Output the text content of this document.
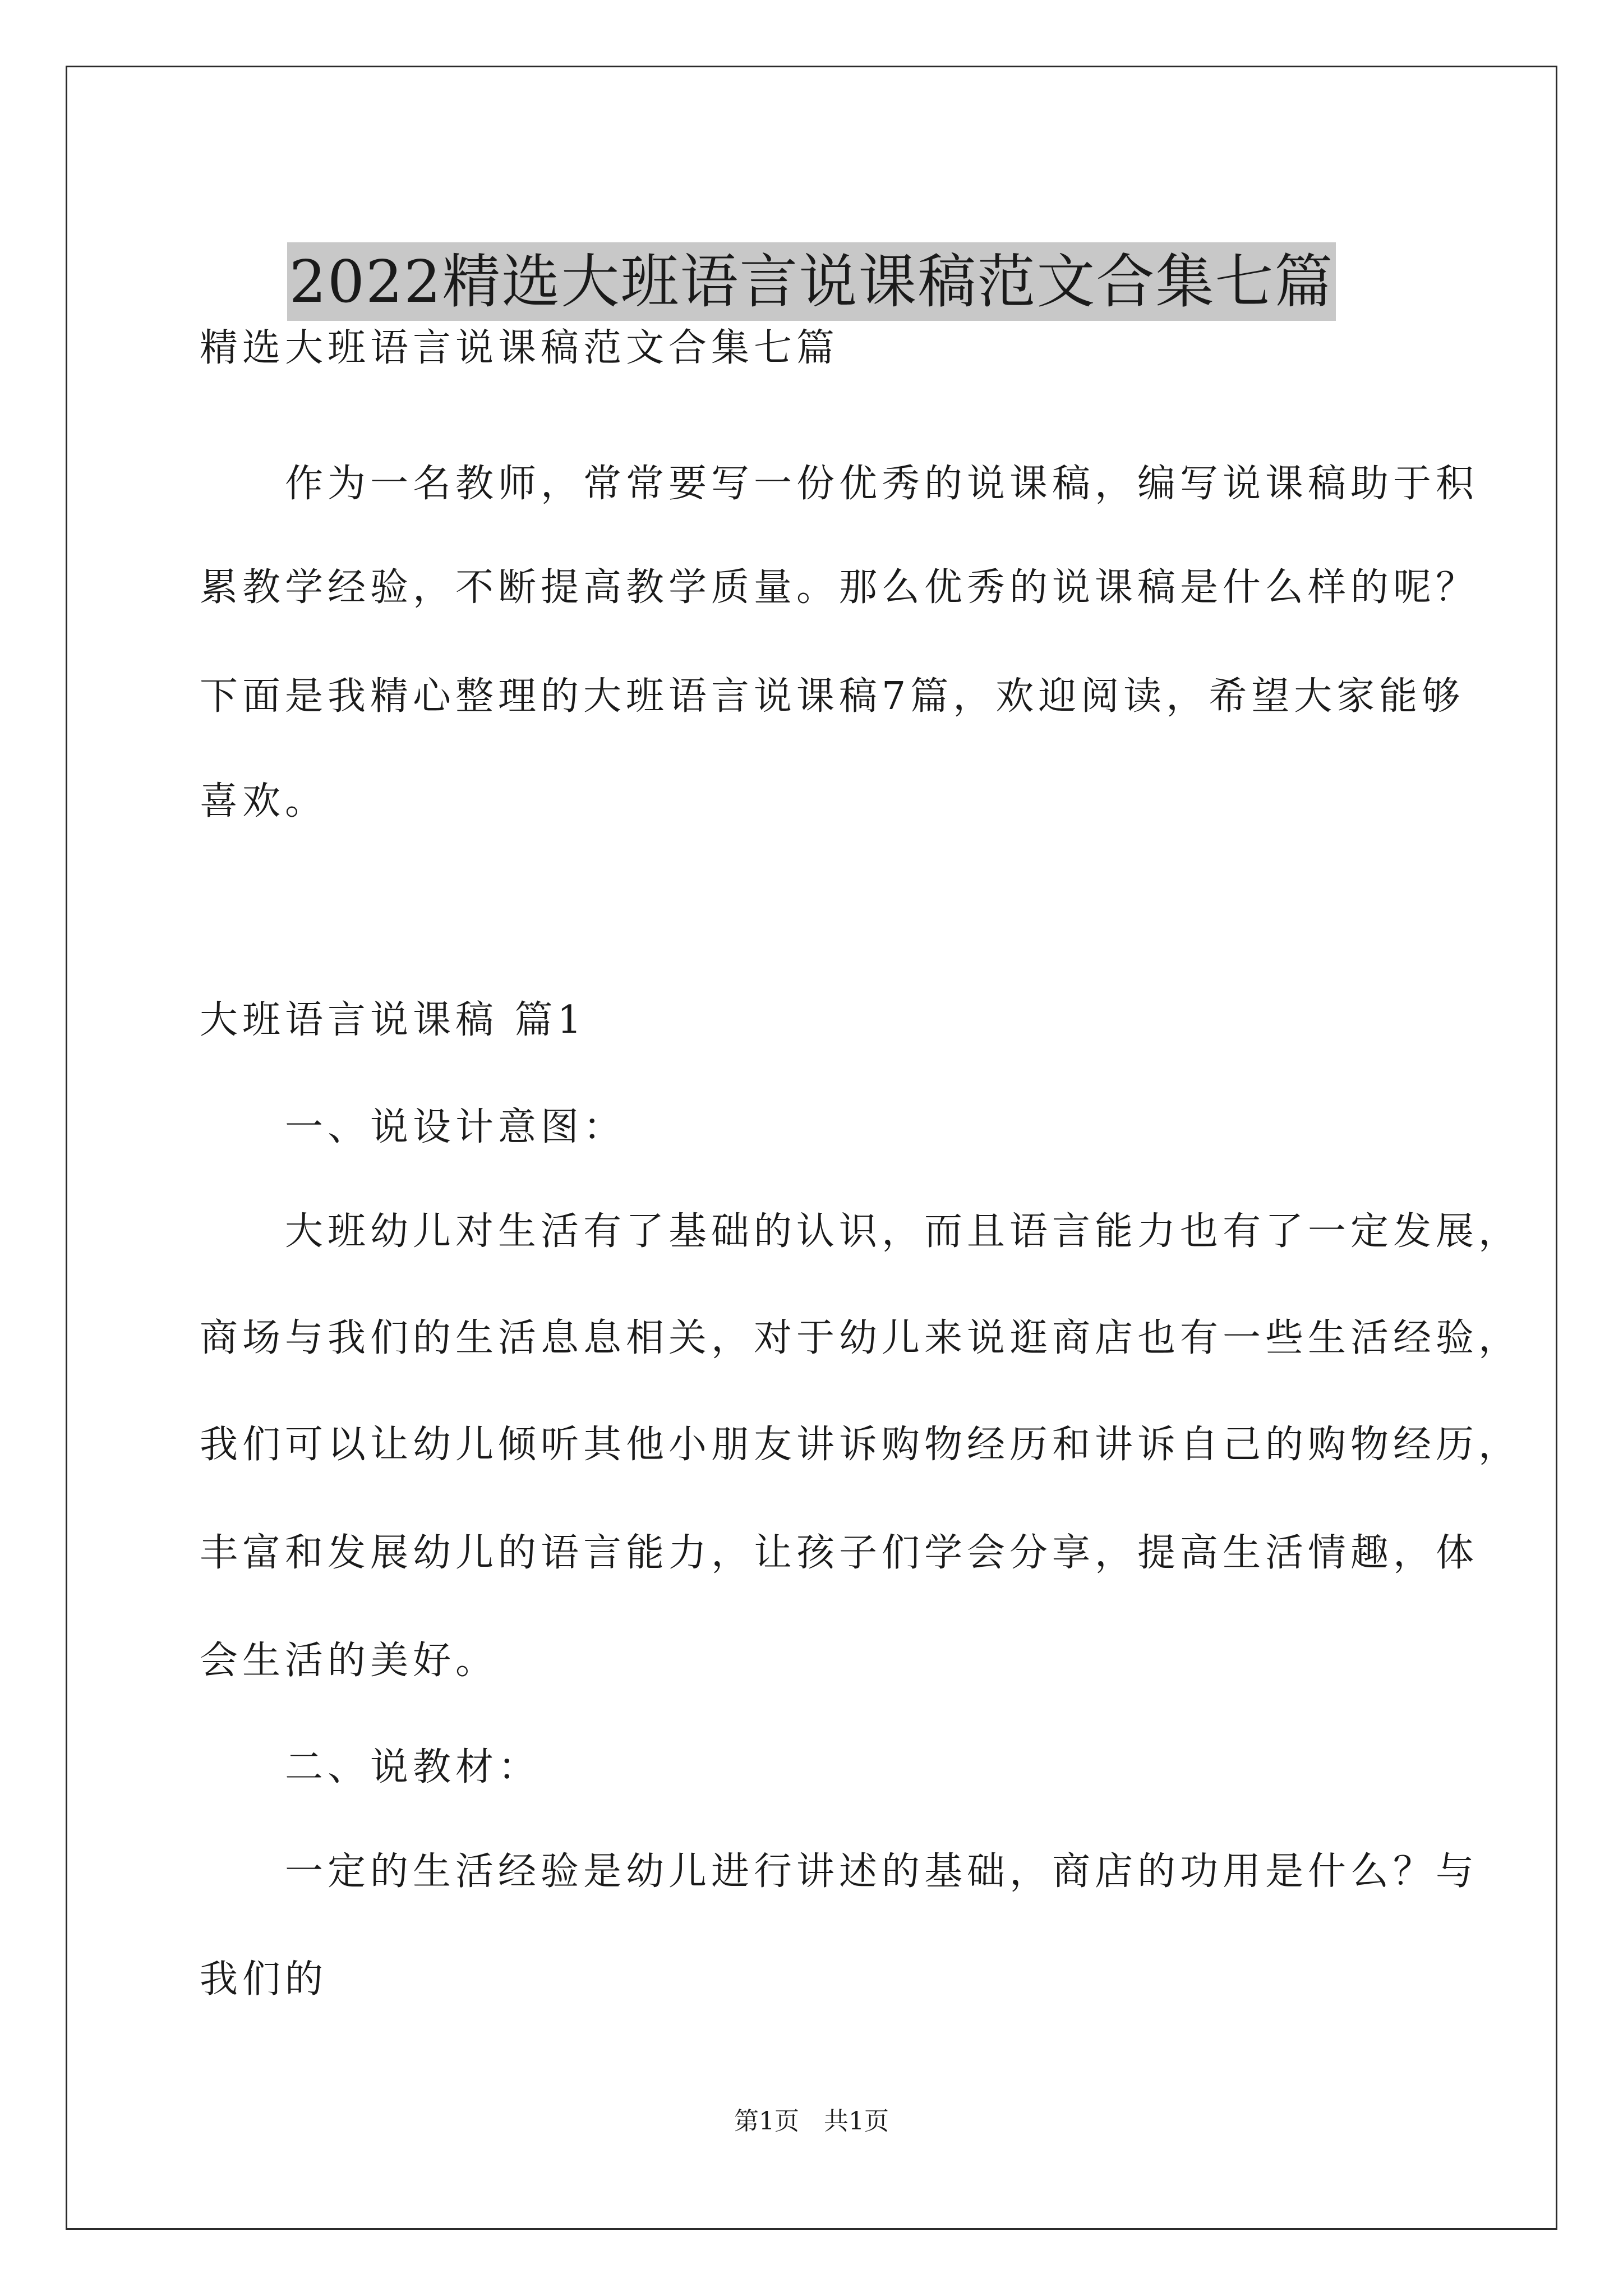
2022精选大班语言说课稿范文合集七篇
精选大班语言说课稿范文合集七篇
　　作为一名教师，常常要写一份优秀的说课稿，编写说课稿助于积
累教学经验，不断提高教学质量。那么优秀的说课稿是什么样的呢？
下面是我精心整理的大班语言说课稿7篇，欢迎阅读，希望大家能够
喜欢。
大班语言说课稿 篇1
　　一、说设计意图：
　　大班幼儿对生活有了基础的认识，而且语言能力也有了一定发展，
商场与我们的生活息息相关，对于幼儿来说逛商店也有一些生活经验，
我们可以让幼儿倾听其他小朋友讲诉购物经历和讲诉自己的购物经历，
丰富和发展幼儿的语言能力，让孩子们学会分享，提高生活情趣，体
会生活的美好。
　　二、说教材：
　　一定的生活经验是幼儿进行讲述的基础，商店的功用是什么？与
我们的
第1页　共1页
